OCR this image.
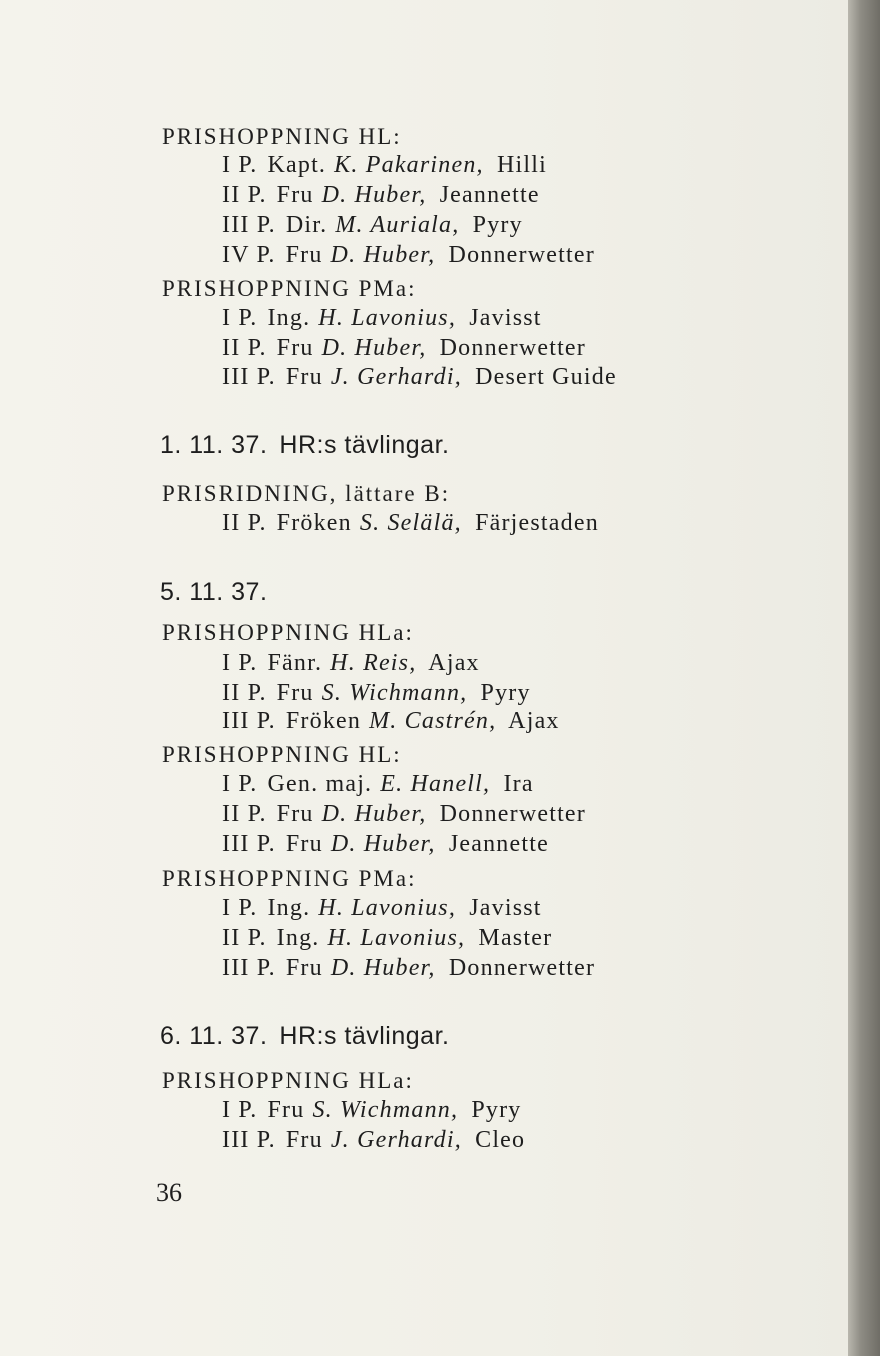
PRISHOPPNING HL:
I P. Kapt. K. Pakarinen, Hilli
II P. Fru D. Huber, Jeannette
III P. Dir. M. Auriala, Pyry
IV P. Fru D. Huber, Donnerwetter
PRISHOPPNING PMa:
I P. Ing. H. Lavonius, Javisst
II P. Fru D. Huber, Donnerwetter
III P. Fru J. Gerhardi, Desert Guide
1. 11. 37. HR:s tävlingar.
PRISRIDNING, lättare B:
II P. Fröken S. Selälä, Färjestaden
5. 11. 37.
PRISHOPPNING HLa:
I P. Fänr. H. Reis, Ajax
II P. Fru S. Wichmann, Pyry
III P. Fröken M. Castrén, Ajax
PRISHOPPNING HL:
I P. Gen. maj. E. Hanell, Ira
II P. Fru D. Huber, Donnerwetter
III P. Fru D. Huber, Jeannette
PRISHOPPNING PMa:
I P. Ing. H. Lavonius, Javisst
II P. Ing. H. Lavonius, Master
III P. Fru D. Huber, Donnerwetter
6. 11. 37. HR:s tävlingar.
PRISHOPPNING HLa:
I P. Fru S. Wichmann, Pyry
III P. Fru J. Gerhardi, Cleo
36
